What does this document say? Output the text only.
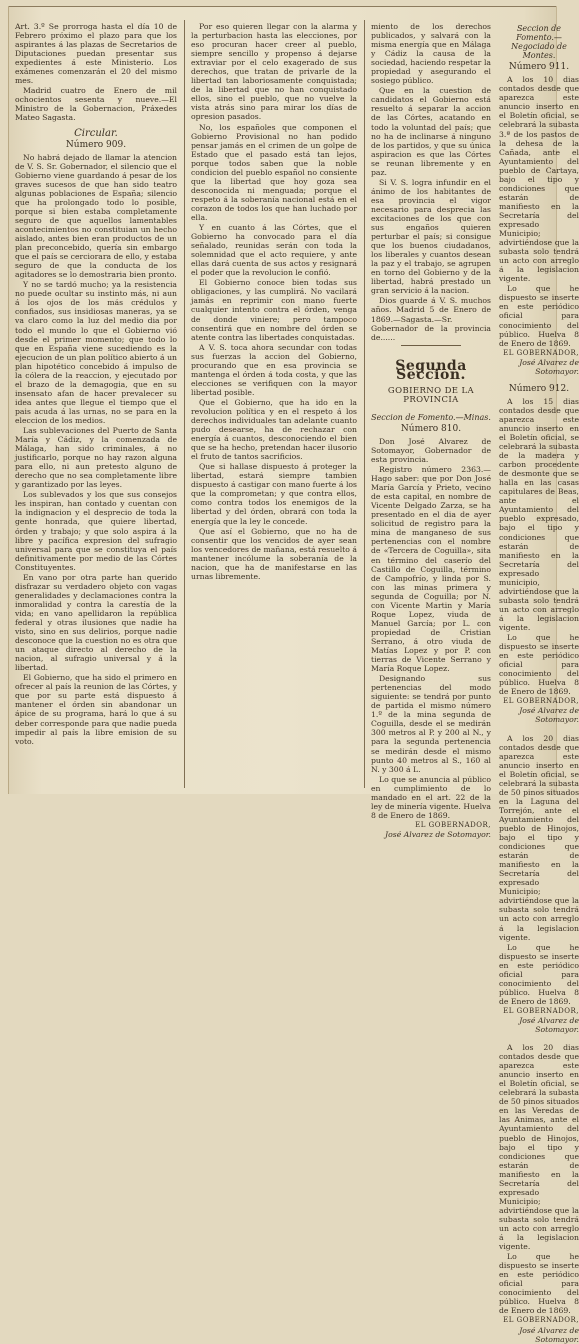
Art. 3.º Se prorroga hasta el día 10 de Febrero próximo el plazo para que los aspirantes á las plazas de Secretarios de Diputaciones puedan presentar sus expedientes á este Ministerio. Los exámenes comenzarán el 20 del mismo mes.

Madrid cuatro de Enero de mil ochocientos sesenta y nueve.—El Ministro de la Gobernacion, Práxedes Mateo Sagasta.

Circular.
Número 909.

No habrá dejado de llamar la atencion de V. S. Sr. Gobernador, el silencio que el Gobierno viene guardando á pesar de los graves sucesos de que han sido teatro algunas poblaciones de España; silencio que ha prolongado todo lo posible, porque si bien estaba completamente seguro de que aquellos lamentables acontecimientos no constituian un hecho aislado, antes bien eran productos de un plan preconcebido, quería sin embargo que el país se cerciorara de ello, y estaba seguro de que la conducta de los agitadores se lo demostraria bien pronto.

Y no se tardó mucho; ya la resistencia no puede ocultar su instinto más, ni aun á los ojos de los más crédulos y confiados, sus insidiosas maneras, ya se va claro como la luz del medio dia por todo el mundo lo que el Gobierno vió desde el primer momento; que todo lo que en España viene sucediendo es la ejecucion de un plan político abierto á un plan hipotético concebido á impulso de la cólera de la reaccion, y ejecutado por el brazo de la demagogia, que en su insensato afan de hacer prevalecer su idea antes que llegue el tiempo que el pais acuda á las urnas, no se para en la eleccion de los medios.

Las sublevaciones del Puerto de Santa María y Cádiz, y la comenzada de Málaga, han sido criminales, á no justificarlo, porque no hay razon alguna para ello, ni aun pretesto alguno de derecho que no sea completamente libre y garantizado por las leyes.

Los sublevados y los que sus consejos les inspiran, han contado y cuentan con la indignacion y el desprecio de toda la gente honrada, que quiere libertad, órden y trabajo; y que solo aspira á la libre y pacífica expresion del sufragio universal para que se constituya el país definitivamente por medio de las Córtes Constituyentes.

En vano por otra parte han querido disfrazar su verdadero objeto con vagas generalidades y declamaciones contra la inmoralidad y contra la carestía de la vida; en vano apellidaron la república federal y otras ilusiones que nadie ha visto, sino en sus delirios, porque nadie desconoce que la cuestion no es otra que un ataque directo al derecho de la nacion, al sufragio universal y á la libertad.

El Gobierno, que ha sido el primero en ofrecer al país la reunion de las Córtes, y que por su parte está dispuesto á mantener el órden sin abandonar un ápice de su programa, hará lo que á su deber corresponde para que nadie pueda impedir al país la libre emision de su voto.

Por eso quieren llegar con la alarma y la perturbacion hasta las elecciones, por eso procuran hacer creer al pueblo, siempre sencillo y propenso á dejarse extraviar por el celo exagerado de sus derechos, que tratan de privarle de la libertad tan laboriosamente conquistada; de la libertad que no han conquistado ellos, sino el pueblo, que no vuelve la vista atrás sino para mirar los días de opresion pasados.

No, los españoles que componen el Gobierno Provisional no han podido pensar jamás en el crimen de un golpe de Estado que el pasado está tan lejos, porque todos saben que la noble condicion del pueblo español no consiente que la libertad que hoy goza sea desconocida ni menguada; porque el respeto á la soberanía nacional está en el corazon de todos los que han luchado por ella.

Y en cuanto á las Córtes, que el Gobierno ha convocado para el día señalado, reunidas serán con toda la solemnidad que el acto requiere, y ante ellas dará cuenta de sus actos y resignará el poder que la revolucion le confió.

El Gobierno conoce bien todas sus obligaciones, y las cumplirá. No vacilará jamás en reprimir con mano fuerte cualquier intento contra el órden, venga de donde viniere; pero tampoco consentirá que en nombre del órden se atente contra las libertades conquistadas.

A V. S. toca ahora secundar con todas sus fuerzas la accion del Gobierno, procurando que en esa provincia se mantenga el órden á toda costa, y que las elecciones se verifiquen con la mayor libertad posible.

Que el Gobierno, que ha ido en la revolucion política y en el respeto á los derechos individuales tan adelante cuanto pudo desearse, ha de rechazar con energía á cuantos, desconociendo el bien que se ha hecho, pretendan hacer ilusorio el fruto de tantos sacrificios.

Que si hallase dispuesto á proteger la libertad, estará siempre tambien dispuesto á castigar con mano fuerte á los que la comprometan; y que contra ellos, como contra todos los enemigos de la libertad y del órden, obrará con toda la energía que la ley le concede.

Que así el Gobierno, que no ha de consentir que los vencidos de ayer sean los vencedores de mañana, está resuelto á mantener incólume la soberanía de la nacion, que ha de manifestarse en las urnas libremente.

miento de los derechos publicados, y salvará con la misma energía que en Málaga y Cádiz la causa de la sociedad, haciendo respetar la propiedad y asegurando el sosiego público.

Que en la cuestion de candidatos el Gobierno está resuelto á separar la accion de las Córtes, acatando en todo la voluntad del país; que no ha de inclinarse á ninguno de los partidos, y que su única aspiracion es que las Córtes se reunan libremente y en paz.

Si V. S. logra infundir en el ánimo de los habitantes de esa provincia el vigor necesario para desprecia las excitaciones de los que con sus engaños quieren perturbar el país; si consigue que los buenos ciudadanos, los liberales y cuantos desean la paz y el trabajo, se agrupen en torno del Gobierno y de la libertad, habrá prestado un gran servicio á la nacion.

Dios guarde á V. S. muchos años. Madrid 5 de Enero de 1869.—Sagasta.—Sr. Gobernador de la provincia de......

Segunda Seccion.
GOBIERNO DE LA PROVINCIA
Seccion de Fomento.—Minas.
Número 810.

Don José Alvarez de Sotomayor, Gobernador de esta provincia.

Registro número 2363.—Hago saber: que por Don José María García y Prieto, vecino de esta capital, en nombre de Vicente Delgado Zarza, se ha presentado en el dia de ayer solicitud de registro para la mina de manganeso de sus pertenencias con el nombre de «Tercera de Coguilla», sita en término del caserío del Castillo de Coguilla, término de Campofrío, y linda por S. con las minas primera y segunda de Coguilla; por N. con Vicente Martin y María Roque Lopez, viuda de Manuel García; por L. con propiedad de Cristian Serrano, á otro viuda de Matías Lopez y por P. con tierras de Vicente Serrano y María Roque Lopez.

Designando sus pertenencias del modo siguiente: se tendrá por punto de partida el mismo número 1.º de la mina segunda de Coguilla, desde el se medirán 300 metros al P. y 200 al N., y para la segunda pertenencia se medirán desde el mismo punto 40 metros al S., 160 al N. y 300 á L.

Lo que se anuncia al público en cumplimiento de lo mandado en el art. 22 de la ley de minería vigente. Huelva 8 de Enero de 1869.

EL GOBERNADOR,
José Alvarez de Sotomayor.
Seccion de Fomento.—Negociado de Montes.
Número 911.

A los 10 dias contados desde que aparezca este anuncio inserto en el Boletín oficial, se celebrará la subasta 3.ª de los pastos de la dehesa de la Cañada, ante el Ayuntamiento del pueblo de Cartaya, bajo el tipo y condiciones que estarán de manifiesto en la Secretaría del expresado Municipio; advirtiéndose que la subasta solo tendrá un acto con arreglo á la legislacion vigente.

Lo que he dispuesto se inserte en este periódico oficial para conocimiento del público. Huelva 8 de Enero de 1869.

EL GOBERNADOR,
José Alvarez de Sotomayor.
Número 912.

A los 15 dias contados desde que aparezca este anuncio inserto en el Boletín oficial, se celebrará la subasta de la madera y carbon procedente de desmonte que se halla en las casas capitulares de Beas, ante el Ayuntamiento del pueblo expresado, bajo el tipo y condiciones que estarán de manifiesto en la Secretaría del expresado municipio, advirtiéndose que la subasta solo tendrá un acto con arreglo á la legislacion vigente.

Lo que he dispuesto se inserte en este periódico oficial para conocimiento del público. Huelva 8 de Enero de 1869.

EL GOBERNADOR,
José Alvarez de Sotomayor.

A los 20 dias contados desde que aparezca este anuncio inserto en el Boletín oficial, se celebrará la subasta de 50 pinos situados en la Laguna del Torrejón, ante el Ayuntamiento del pueblo de Hinojos, bajo el tipo y condiciones que estarán de manifiesto en la Secretaría del expresado Municipio; advirtiéndose que la subasta solo tendrá un acto con arreglo á la legislacion vigente.

Lo que he dispuesto se inserte en este periódico oficial para conocimiento del público. Huelva 8 de Enero de 1869.

EL GOBERNADOR,
José Alvarez de Sotomayor.

A los 20 dias contados desde que aparezca este anuncio inserto en el Boletín oficial, se celebrará la subasta de 50 pinos situados en las Veredas de las Animas, ante el Ayuntamiento del pueblo de Hinojos, bajo el tipo y condiciones que estarán de manifiesto en la Secretaría del expresado Municipio; advirtiéndose que la subasta solo tendrá un acto con arreglo á la legislacion vigente.

Lo que he dispuesto se inserte en este periódico oficial para conocimiento del público. Huelva 8 de Enero de 1869.

EL GOBERNADOR,
José Alvarez de Sotomayor.
